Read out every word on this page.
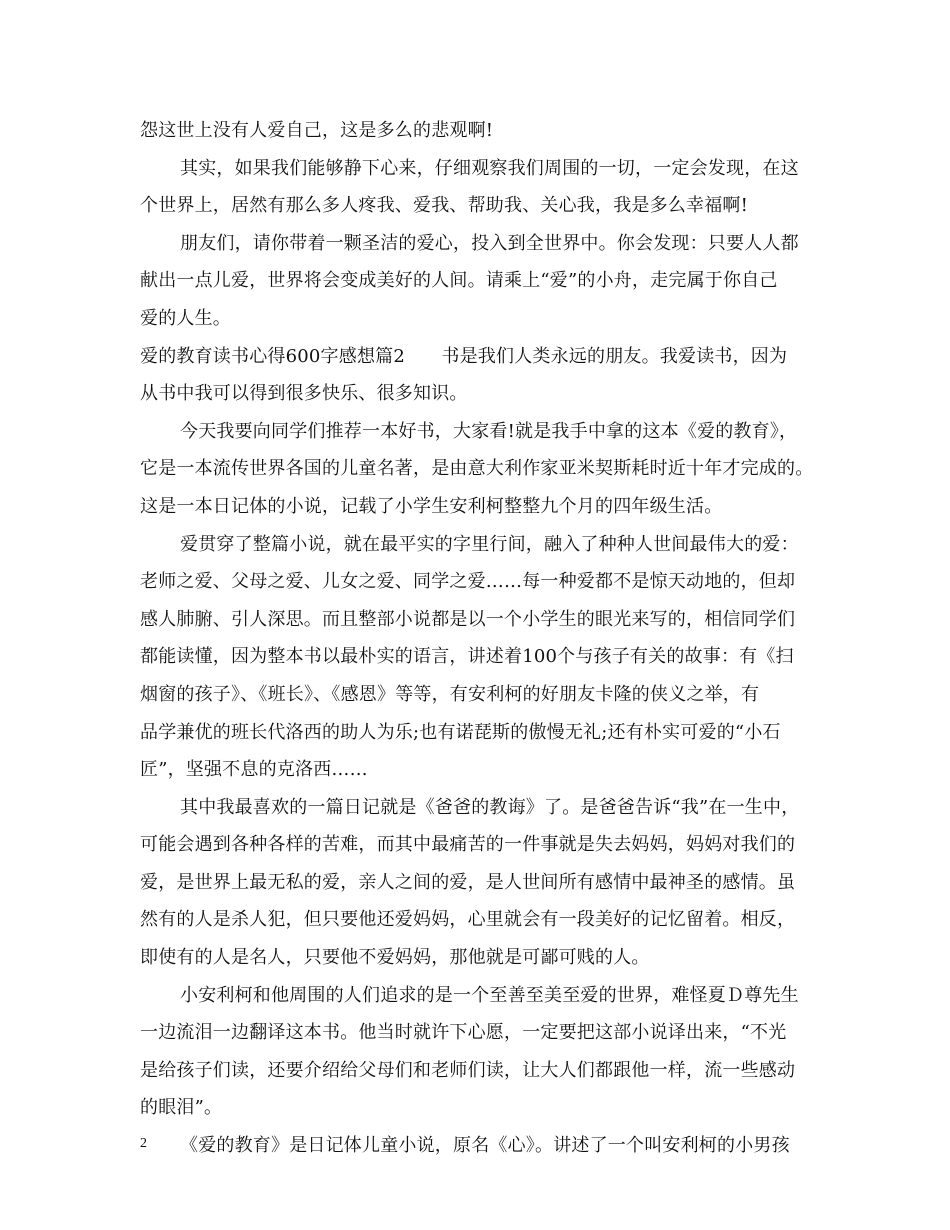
怨这世上没有人爱自己，这是多么的悲观啊!
其实，如果我们能够静下心来，仔细观察我们周围的一切，一定会发现，在这
个世界上，居然有那么多人疼我、爱我、帮助我、关心我，我是多么幸福啊!
朋友们，请你带着一颗圣洁的爱心，投入到全世界中。你会发现：只要人人都
献出一点儿爱，世界将会变成美好的人间。请乘上“爱”的小舟，走完属于你自己
爱的人生。
爱的教育读书心得600字感想篇2　　书是我们人类永远的朋友。我爱读书，因为
从书中我可以得到很多快乐、很多知识。
今天我要向同学们推荐一本好书，大家看!就是我手中拿的这本《爱的教育》，
它是一本流传世界各国的儿童名著，是由意大利作家亚米契斯耗时近十年才完成的。
这是一本日记体的小说，记载了小学生安利柯整整九个月的四年级生活。
爱贯穿了整篇小说，就在最平实的字里行间，融入了种种人世间最伟大的爱：
老师之爱、父母之爱、儿女之爱、同学之爱……每一种爱都不是惊天动地的，但却
感人肺腑、引人深思。而且整部小说都是以一个小学生的眼光来写的，相信同学们
都能读懂，因为整本书以最朴实的语言，讲述着100个与孩子有关的故事：有《扫
烟窗的孩子》、《班长》、《感恩》等等，有安利柯的好朋友卡隆的侠义之举，有
品学兼优的班长代洛西的助人为乐;也有诺琵斯的傲慢无礼;还有朴实可爱的“小石
匠”，坚强不息的克洛西……
其中我最喜欢的一篇日记就是《爸爸的教诲》了。是爸爸告诉“我”在一生中，
可能会遇到各种各样的苦难，而其中最痛苦的一件事就是失去妈妈，妈妈对我们的
爱，是世界上最无私的爱，亲人之间的爱，是人世间所有感情中最神圣的感情。虽
然有的人是杀人犯，但只要他还爱妈妈，心里就会有一段美好的记忆留着。相反，
即使有的人是名人，只要他不爱妈妈，那他就是可鄙可贱的人。
小安利柯和他周围的人们追求的是一个至善至美至爱的世界，难怪夏Ｄ尊先生
一边流泪一边翻译这本书。他当时就许下心愿，一定要把这部小说译出来，“不光
是给孩子们读，还要介绍给父母们和老师们读，让大人们都跟他一样，流一些感动
的眼泪”。
《爱的教育》是日记体儿童小说，原名《心》。讲述了一个叫安利柯的小男孩
2
